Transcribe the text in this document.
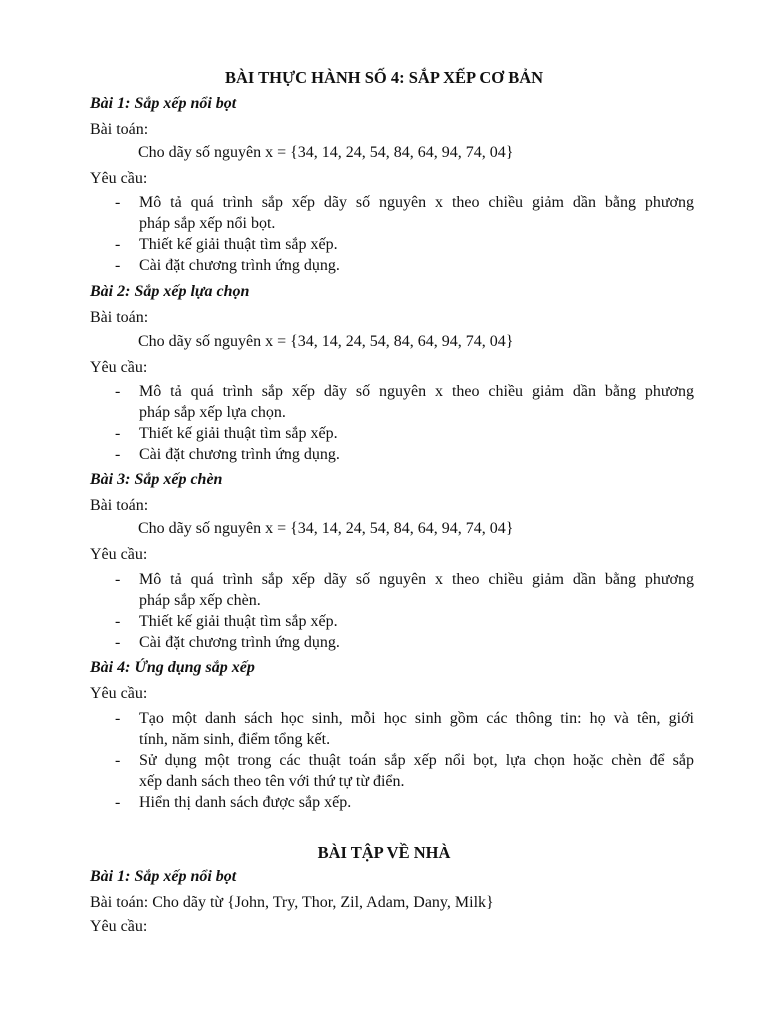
BÀI THỰC HÀNH SỐ 4: SẮP XẾP CƠ BẢN
Bài 1: Sắp xếp nổi bọt
Bài toán:
Cho dãy số nguyên x = {34, 14, 24, 54, 84, 64, 94, 74, 04}
Yêu cầu:
- Mô tả quá trình sắp xếp dãy số nguyên x theo chiều giảm dần bằng phương
pháp sắp xếp nổi bọt.
- Thiết kế giải thuật tìm sắp xếp.
- Cài đặt chương trình ứng dụng.
Bài 2: Sắp xếp lựa chọn
Bài toán:
Cho dãy số nguyên x = {34, 14, 24, 54, 84, 64, 94, 74, 04}
Yêu cầu:
- Mô tả quá trình sắp xếp dãy số nguyên x theo chiều giảm dần bằng phương
pháp sắp xếp lựa chọn.
- Thiết kế giải thuật tìm sắp xếp.
- Cài đặt chương trình ứng dụng.
Bài 3: Sắp xếp chèn
Bài toán:
Cho dãy số nguyên x = {34, 14, 24, 54, 84, 64, 94, 74, 04}
Yêu cầu:
- Mô tả quá trình sắp xếp dãy số nguyên x theo chiều giảm dần bằng phương
pháp sắp xếp chèn.
- Thiết kế giải thuật tìm sắp xếp.
- Cài đặt chương trình ứng dụng.
Bài 4: Ứng dụng sắp xếp
Yêu cầu:
- Tạo một danh sách học sinh, mỗi học sinh gồm các thông tin: họ và tên, giới
tính, năm sinh, điểm tổng kết.
- Sử dụng một trong các thuật toán sắp xếp nổi bọt, lựa chọn hoặc chèn để sắp
xếp danh sách theo tên với thứ tự từ điển.
- Hiển thị danh sách được sắp xếp.
BÀI TẬP VỀ NHÀ
Bài 1: Sắp xếp nổi bọt
Bài toán: Cho dãy từ {John, Try, Thor, Zil, Adam, Dany, Milk}
Yêu cầu:
